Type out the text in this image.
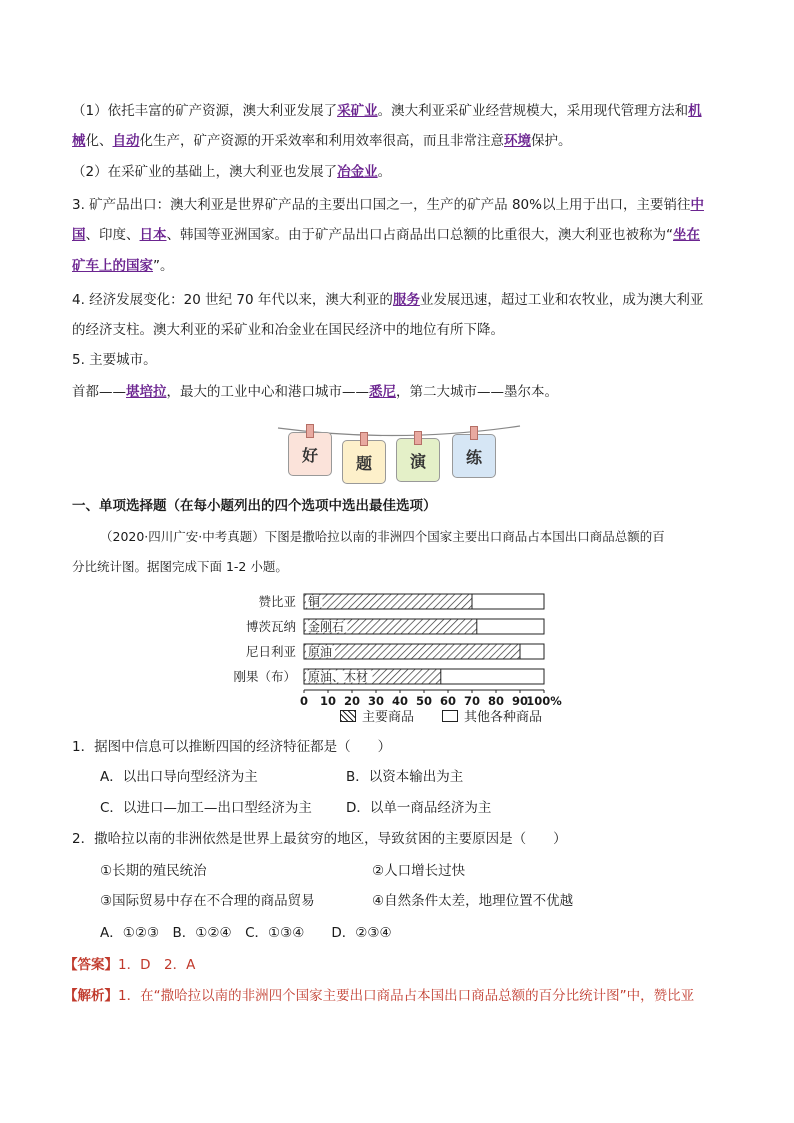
（1）依托丰富的矿产资源，澳大利亚发展了采矿业。澳大利亚采矿业经营规模大，采用现代管理方法和机
械化、自动化生产，矿产资源的开采效率和利用效率很高，而且非常注意环境保护。
（2）在采矿业的基础上，澳大利亚也发展了冶金业。
3. 矿产品出口：澳大利亚是世界矿产品的主要出口国之一，生产的矿产品 80%以上用于出口，主要销往中
国、印度、日本、韩国等亚洲国家。由于矿产品出口占商品出口总额的比重很大，澳大利亚也被称为“坐在
矿车上的国家”。
4. 经济发展变化：20 世纪 70 年代以来，澳大利亚的服务业发展迅速，超过工业和农牧业，成为澳大利亚
的经济支柱。澳大利亚的采矿业和冶金业在国民经济中的地位有所下降。
5. 主要城市。
首都——堪培拉，最大的工业中心和港口城市——悉尼，第二大城市——墨尔本。
好	题	演	练
一、单项选择题（在每小题列出的四个选项中选出最佳选项）
（2020·四川广安·中考真题）下图是撒哈拉以南的非洲四个国家主要出口商品占本国出口商品总额的百
分比统计图。据图完成下面 1-2 小题。
赞比亚 铜
博茨瓦纳 金刚石
尼日利亚 原油
刚果（布） 原油、木材
0 10 20 30 40 50 60 70 80 90
100%
主要商品	其他各种商品
1．据图中信息可以推断四国的经济特征都是（　　）
A．以出口导向型经济为主	B．以资本输出为主
C．以进口—加工—出口型经济为主	D．以单一商品经济为主
2．撒哈拉以南的非洲依然是世界上最贫穷的地区，导致贫困的主要原因是（　　）
①长期的殖民统治	②人口增长过快
③国际贸易中存在不合理的商品贸易	④自然条件太差，地理位置不优越
A．①②③　B．①②④　C．①③④　　D．②③④
【答案】1．D　2．A
【解析】1．在“撒哈拉以南的非洲四个国家主要出口商品占本国出口商品总额的百分比统计图”中，赞比亚
